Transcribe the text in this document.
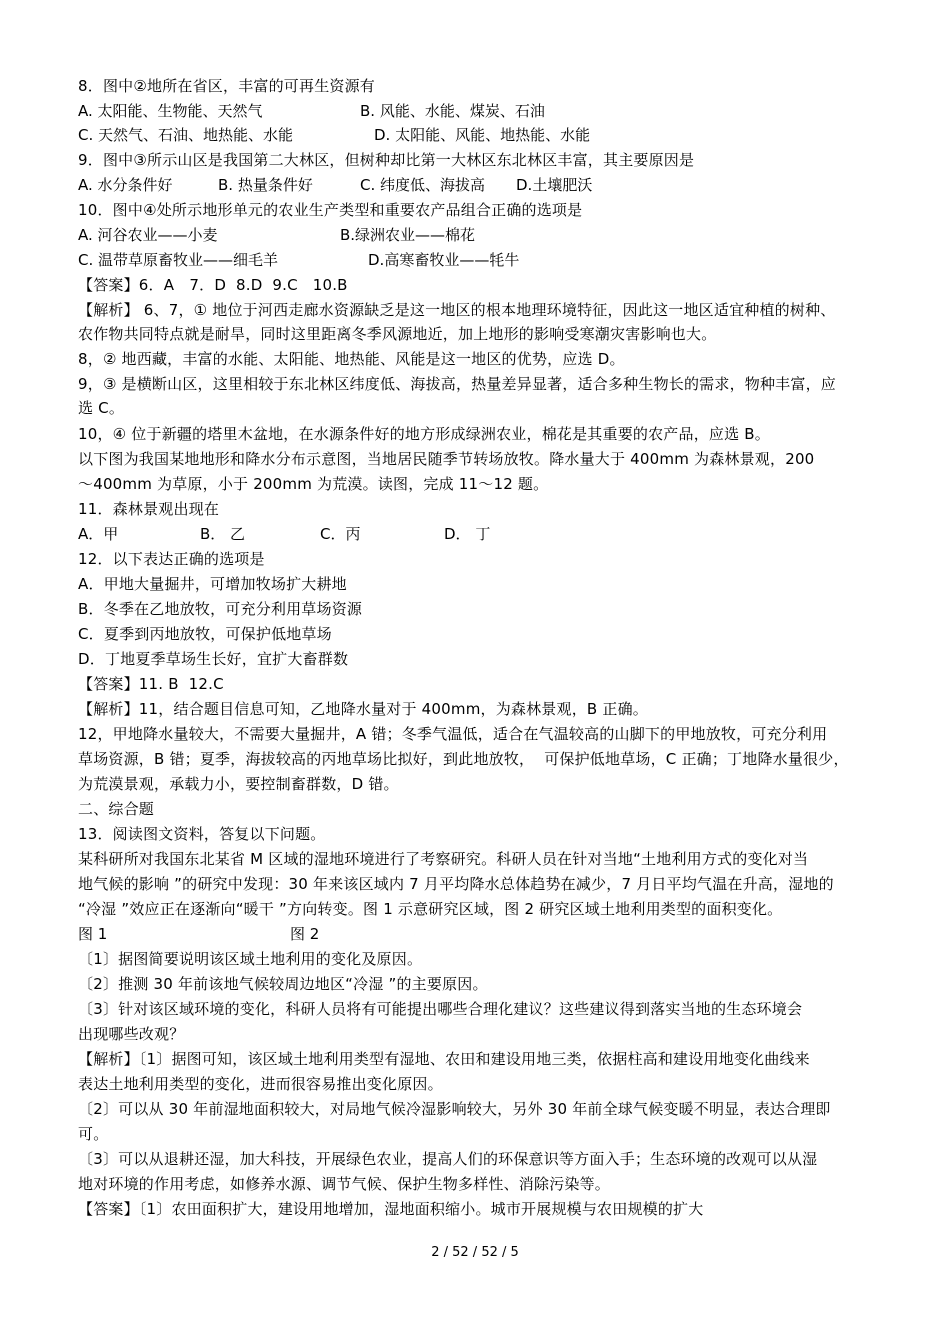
8．图中②地所在省区，丰富的可再生资源有

A. 太阳能、生物能、天然气

	B. 风能、水能、煤炭、石油

C. 天然气、石油、地热能、水能

	D. 太阳能、风能、地热能、水能

9．图中③所示山区是我国第二大林区，但树种却比第一大林区东北林区丰富，其主要原因是

A. 水分条件好

	B. 热量条件好

	C. 纬度低、海拔高

D.土壤肥沃

10．图中④处所示地形单元的农业生产类型和重要农产品组合正确的选项是

A. 河谷农业——小麦

	B.绿洲农业——棉花

C. 温带草原畜牧业——细毛羊

	D.高寒畜牧业——牦牛

【答案】6．A　7．D  8.D  9.C   10.B
【解析】 6、7，① 地位于河西走廊水资源缺乏是这一地区的根本地理环境特征，因此这一地区适宜种植的树种、
农作物共同特点就是耐旱，同时这里距离冬季风源地近，加上地形的影响受寒潮灾害影响也大。
8，② 地西藏，丰富的水能、太阳能、地热能、风能是这一地区的优势，应选 D。
9，③ 是横断山区，这里相较于东北林区纬度低、海拔高，热量差异显著，适合多种生物长的需求，物种丰富，应
选 C。
10，④ 位于新疆的塔里木盆地，在水源条件好的地方形成绿洲农业，棉花是其重要的农产品，应选 B。
以下图为我国某地地形和降水分布示意图，当地居民随季节转场放牧。降水量大于 400mm 为森林景观，200
～400mm 为草原，小于 200mm 为荒漠。读图，完成 11～12 题。
11．森林景观出现在

A．甲

	B． 乙

	C．丙

	D． 丁

12．以下表达正确的选项是
A．甲地大量掘井，可增加牧场扩大耕地
B．冬季在乙地放牧，可充分利用草场资源
C．夏季到丙地放牧，可保护低地草场
D．丁地夏季草场生长好，宜扩大畜群数
【答案】11. B  12.C
【解析】11，结合题目信息可知，乙地降水量对于 400mm，为森林景观，B 正确。
12，甲地降水量较大，不需要大量掘井，A 错；冬季气温低，适合在气温较高的山脚下的甲地放牧，可充分利用
草场资源，B 错；夏季，海拔较高的丙地草场比拟好，到此地放牧，  可保护低地草场，C 正确；丁地降水量很少，
为荒漠景观，承载力小，要控制畜群数，D 错。
二、综合题
13．阅读图文资料，答复以下问题。
某科研所对我国东北某省 M 区域的湿地环境进行了考察研究。科研人员在针对当地“土地利用方式的变化对当
地气候的影响 ”的研究中发现：30 年来该区域内 7 月平均降水总体趋势在减少，7 月日平均气温在升高，湿地的
“冷湿 ”效应正在逐渐向“暖干 ”方向转变。图 1 示意研究区域，图 2 研究区域土地利用类型的面积变化。

图 1

	图 2

〔1〕据图简要说明该区域土地利用的变化及原因。
〔2〕推测 30 年前该地气候较周边地区“冷湿 ”的主要原因。
〔3〕针对该区域环境的变化，科研人员将有可能提出哪些合理化建议？这些建议得到落实当地的生态环境会
出现哪些改观？
【解析】〔1〕据图可知，该区域土地利用类型有湿地、农田和建设用地三类，依据柱高和建设用地变化曲线来
表达土地利用类型的变化，进而很容易推出变化原因。
〔2〕可以从 30 年前湿地面积较大，对局地气候冷湿影响较大，另外 30 年前全球气候变暖不明显，表达合理即
可。
〔3〕可以从退耕还湿，加大科技，开展绿色农业，提高人们的环保意识等方面入手；生态环境的改观可以从湿
地对环境的作用考虑，如修养水源、调节气候、保护生物多样性、消除污染等。
【答案】〔1〕农田面积扩大，建设用地增加，湿地面积缩小。城市开展规模与农田规模的扩大
2 / 52 / 52 / 5
